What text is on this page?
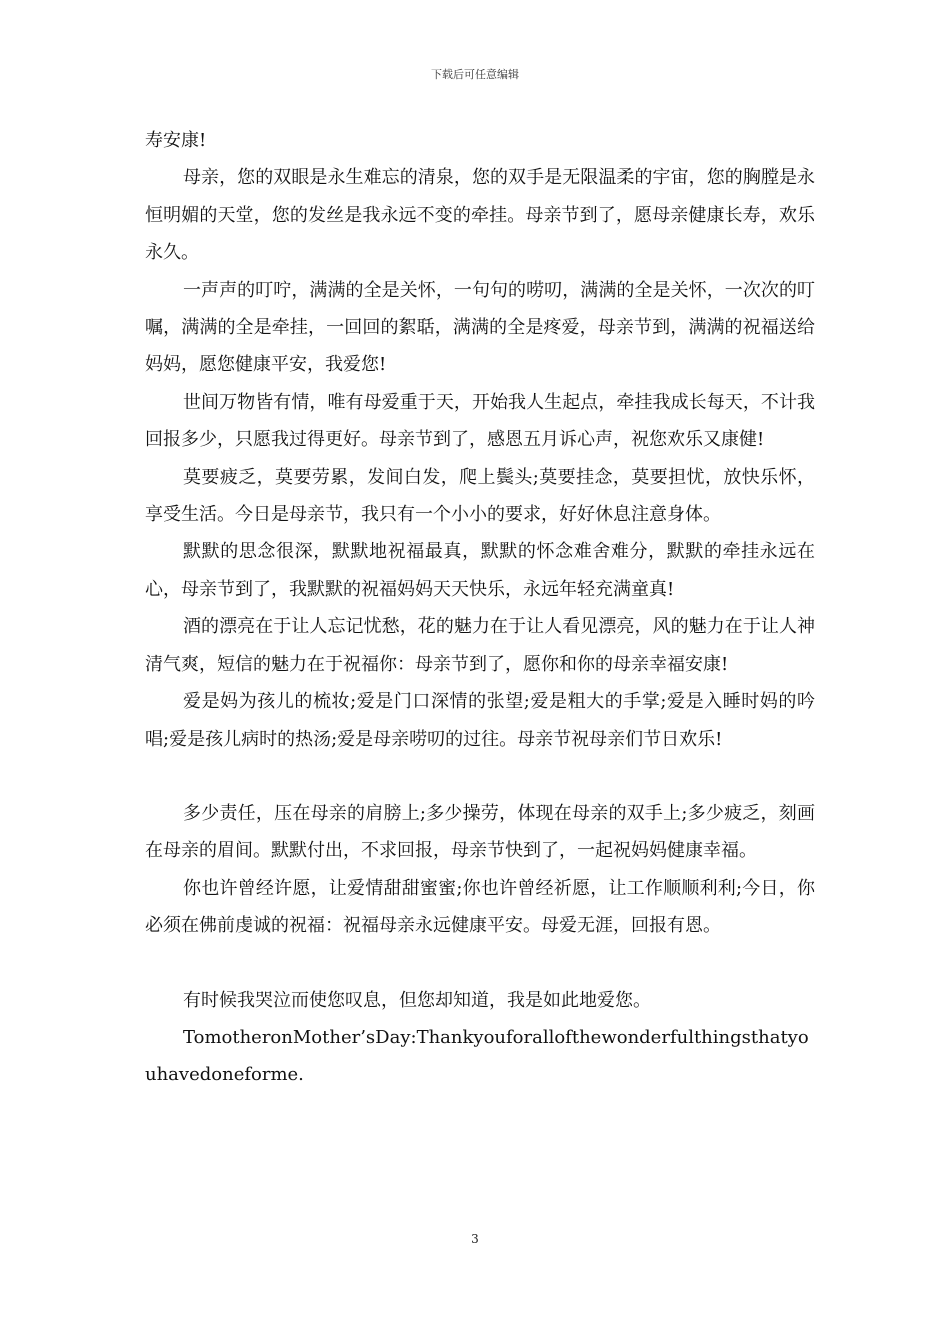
下载后可任意编辑

寿安康!

母亲，您的双眼是永生难忘的清泉，您的双手是无限温柔的宇宙，您的胸膛是永恒明媚的天堂，您的发丝是我永远不变的牵挂。母亲节到了，愿母亲健康长寿，欢乐永久。

一声声的叮咛，满满的全是关怀，一句句的唠叨，满满的全是关怀，一次次的叮嘱，满满的全是牵挂，一回回的絮聒，满满的全是疼爱，母亲节到，满满的祝福送给妈妈，愿您健康平安，我爱您!

世间万物皆有情，唯有母爱重于天，开始我人生起点，牵挂我成长每天，不计我回报多少，只愿我过得更好。母亲节到了，感恩五月诉心声，祝您欢乐又康健!

莫要疲乏，莫要劳累，发间白发，爬上鬓头;莫要挂念，莫要担忧，放快乐怀，享受生活。今日是母亲节，我只有一个小小的要求，好好休息注意身体。

默默的思念很深，默默地祝福最真，默默的怀念难舍难分，默默的牵挂永远在心，母亲节到了，我默默的祝福妈妈天天快乐，永远年轻充满童真!

酒的漂亮在于让人忘记忧愁，花的魅力在于让人看见漂亮，风的魅力在于让人神清气爽，短信的魅力在于祝福你：母亲节到了，愿你和你的母亲幸福安康!

爱是妈为孩儿的梳妆;爱是门口深情的张望;爱是粗大的手掌;爱是入睡时妈的吟唱;爱是孩儿病时的热汤;爱是母亲唠叨的过往。母亲节祝母亲们节日欢乐!

多少责任，压在母亲的肩膀上;多少操劳，体现在母亲的双手上;多少疲乏，刻画在母亲的眉间。默默付出，不求回报，母亲节快到了，一起祝妈妈健康幸福。

你也许曾经许愿，让爱情甜甜蜜蜜;你也许曾经祈愿，让工作顺顺利利;今日，你必须在佛前虔诚的祝福：祝福母亲永远健康平安。母爱无涯，回报有恩。

有时候我哭泣而使您叹息，但您却知道，我是如此地爱您。

TomotheronMother’sDay:Thankyouforallofthewonderfulthingsthatyouhavedoneforme.

3
